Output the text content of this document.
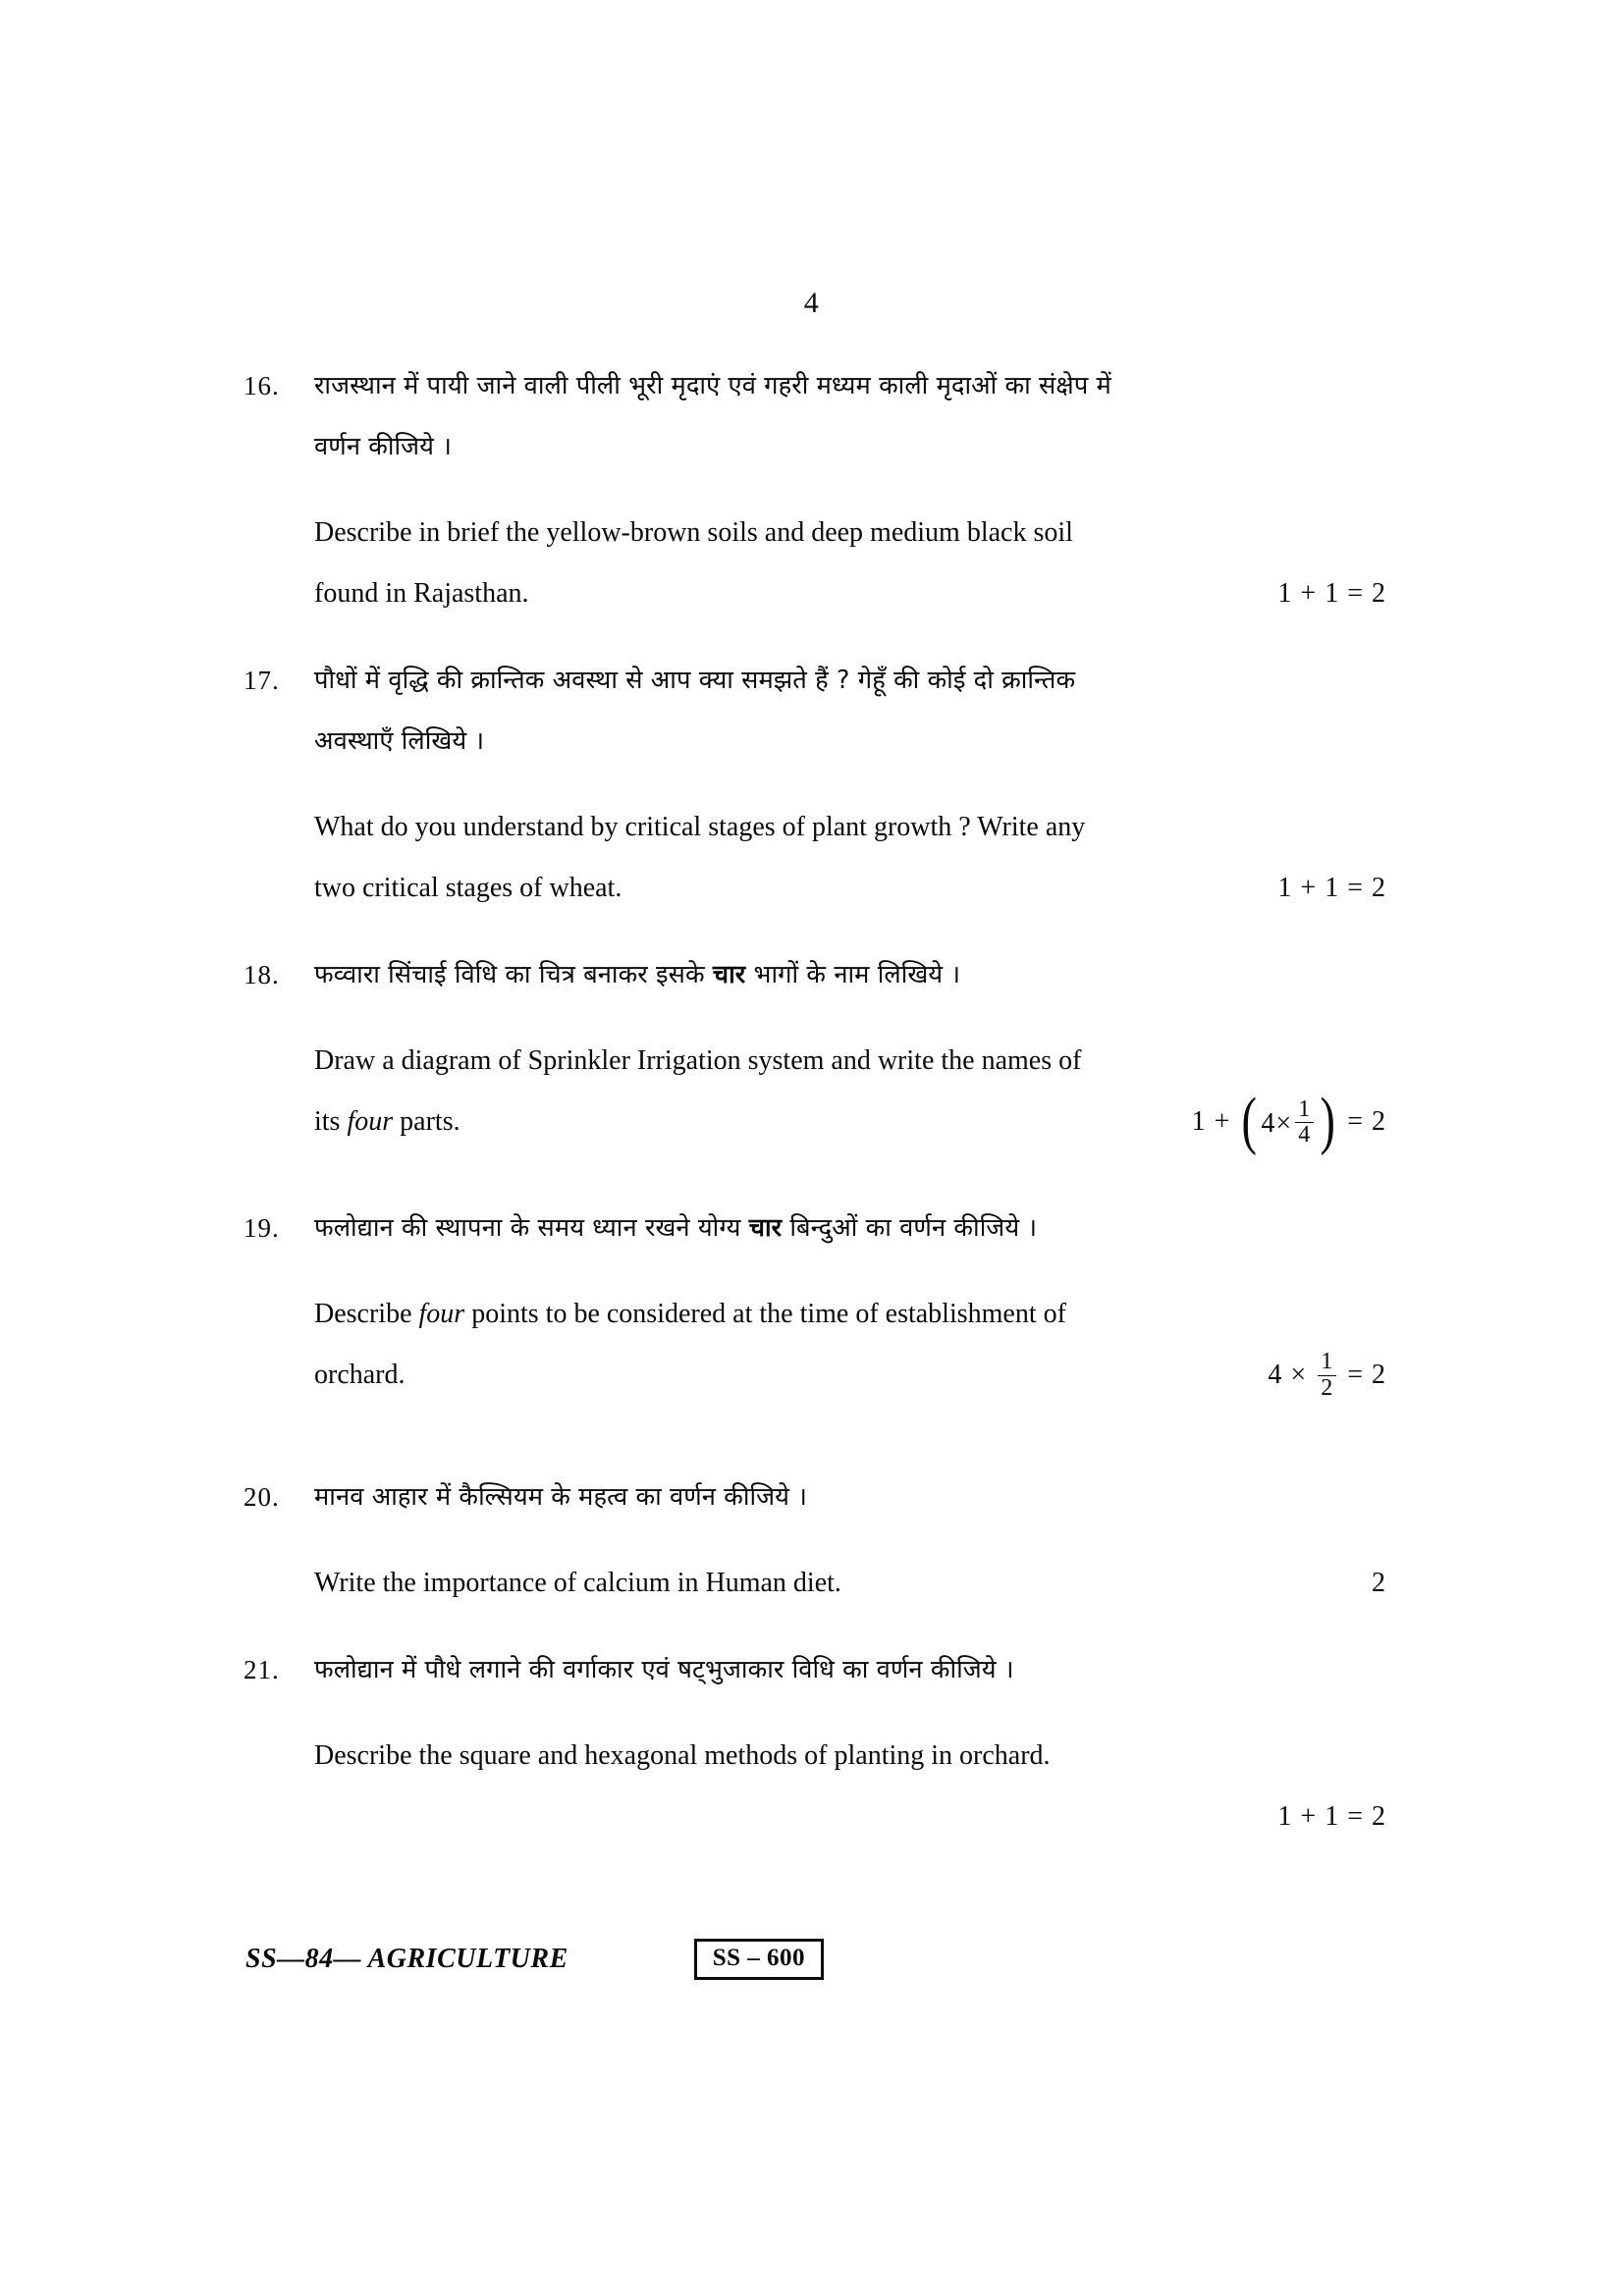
4
16.	राजस्थान में पायी जाने वाली पीली भूरी मृदाएं एवं गहरी मध्यम काली मृदाओं का संक्षेप में
वर्णन कीजिये ।
Describe in brief the yellow-brown soils and deep medium black soil
found in Rajasthan.	1 + 1 = 2
17.	पौधों में वृद्धि की क्रान्तिक अवस्था से आप क्या समझते हैं ? गेहूँ की कोई दो क्रान्तिक
अवस्थाएँ लिखिये ।
What do you understand by critical stages of plant growth ? Write any
two critical stages of wheat.	1 + 1 = 2
18.	फव्वारा सिंचाई विधि का चित्र बनाकर इसके चार भागों के नाम लिखिये ।
Draw a diagram of Sprinkler Irrigation system and write the names of
its four parts.	1 + ( $4 \times \frac{1}{4}$ ) = 2
19.	फलोद्यान की स्थापना के समय ध्यान रखने योग्य चार बिन्दुओं का वर्णन कीजिये ।
Describe four points to be considered at the time of establishment of
orchard.	$4 \times \frac{1}{2} = 2$
20.	मानव आहार में कैल्सियम के महत्व का वर्णन कीजिये ।
Write the importance of calcium in Human diet.	2
21.	फलोद्यान में पौधे लगाने की वर्गाकार एवं षट्भुजाकार विधि का वर्णन कीजिये ।
Describe the square and hexagonal methods of planting in orchard.
1 + 1 = 2
SS—84— AGRICULTURE	SS – 600
